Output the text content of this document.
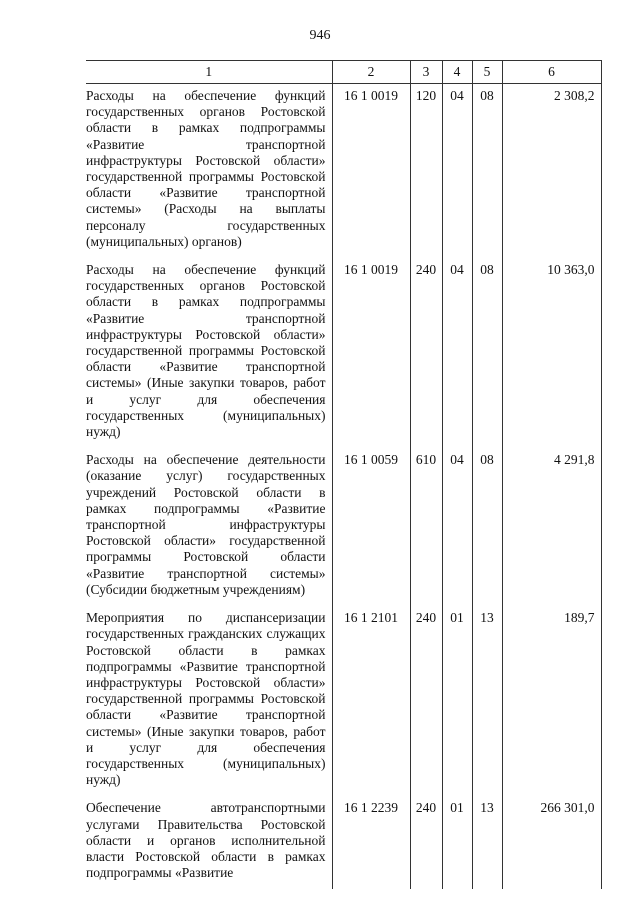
946
1	2	3	4	5	6
Расходы на обеспечение функций государственных органов Ростовской области в рамках подпрограммы «Развитие транспортной инфраструктуры Ростовской области» государственной программы Ростовской области «Развитие транспортной системы» (Расходы на выплаты персоналу государственных (муниципальных) органов)	16 1 0019	120	04	08	2 308,2
Расходы на обеспечение функций государственных органов Ростовской области в рамках подпрограммы «Развитие транспортной инфраструктуры Ростовской области» государственной программы Ростовской области «Развитие транспортной системы» (Иные закупки товаров, работ и услуг для обеспечения государственных (муниципальных) нужд)	16 1 0019	240	04	08	10 363,0
Расходы на обеспечение деятельности (оказание услуг) государственных учреждений Ростовской области в рамках подпрограммы «Развитие транспортной инфраструктуры Ростовской области» государственной программы Ростовской области «Развитие транспортной системы» (Субсидии бюджетным учреждениям)	16 1 0059	610	04	08	4 291,8
Мероприятия по диспансеризации государственных гражданских служащих Ростовской области в рамках подпрограммы «Развитие транспортной инфраструктуры Ростовской области» государственной программы Ростовской области «Развитие транспортной системы» (Иные закупки товаров, работ и услуг для обеспечения государственных (муниципальных) нужд)	16 1 2101	240	01	13	189,7
Обеспечение автотранспортными услугами Правительства Ростовской области и органов исполнительной власти Ростовской области в рамках подпрограммы «Развитие	16 1 2239	240	01	13	266 301,0
